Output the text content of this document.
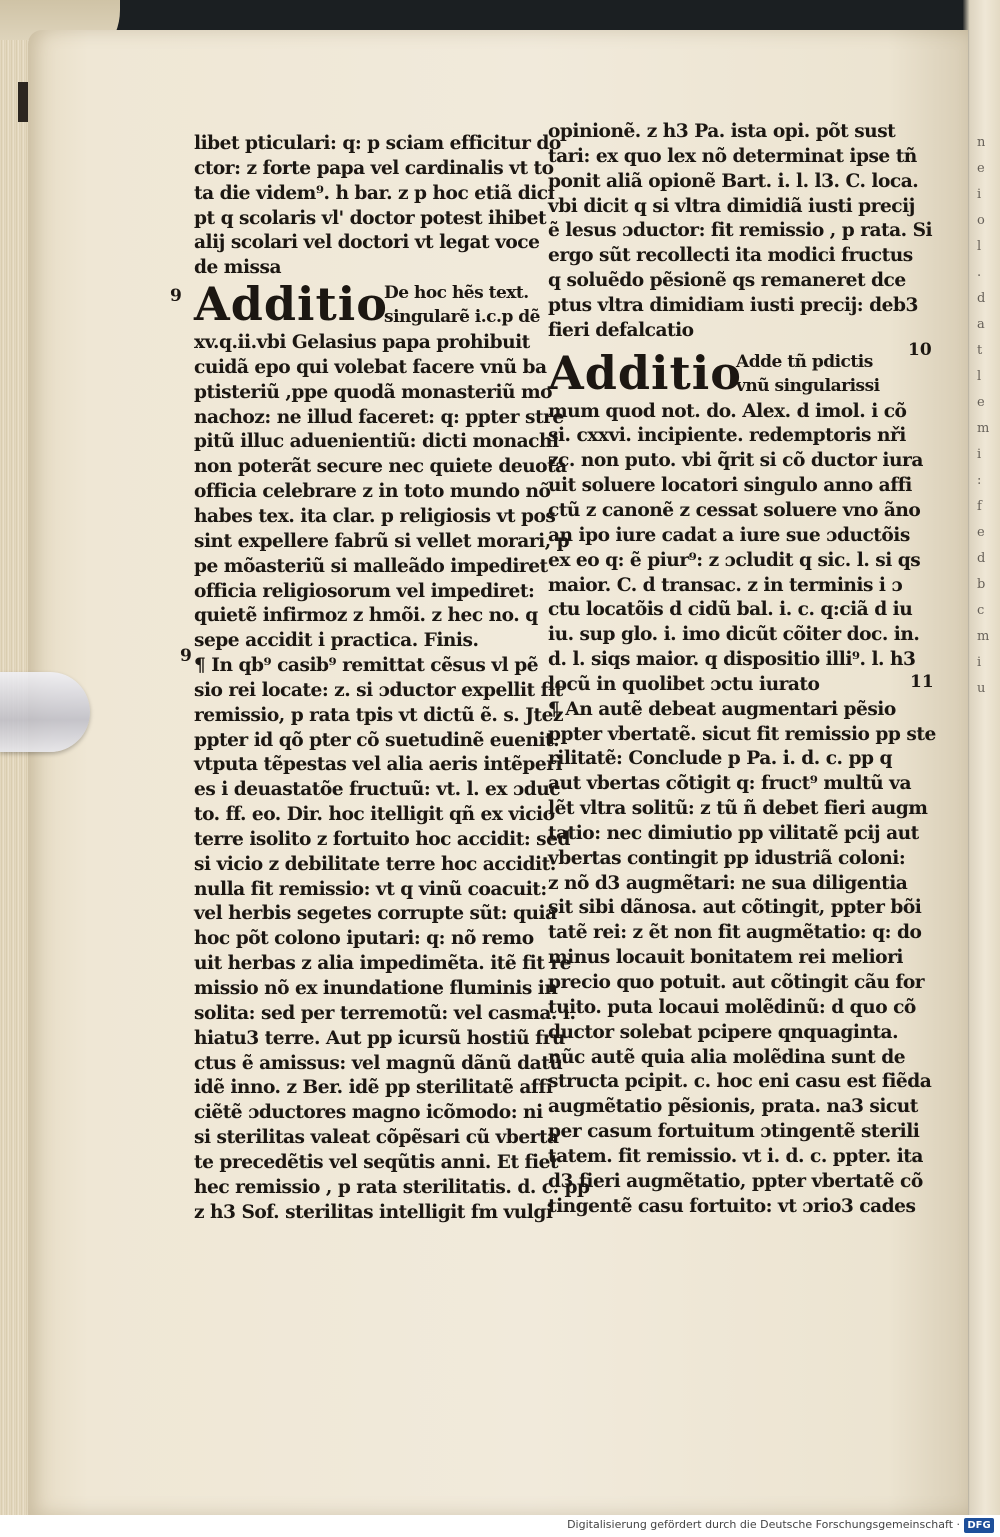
n
e
i
o
l
.
d
a
t
l
e
m
i
:
f
e
d
b
c
m
i
u
libet pticulari: q: p sciam efficitur do
ctor: z forte papa vel cardinalis vt to
ta die videm⁹. h bar. z p hoc etiã dici
pt q scolaris vl' doctor potest ihibet
alij scolari vel doctori vt legat voce
de missa
Additio
De hoc hẽs text.
singularẽ i.c.p dẽ
xv.q.ii.vbi Gelasius papa prohibuit
cuidã epo qui volebat facere vnũ ba
ptisteriũ ,ppe quodã monasteriũ mo
nachoz: ne illud faceret: q: ppter stre
pitũ illuc aduenientiũ: dicti monachi
non poterãt secure nec quiete deuota
officia celebrare z in toto mundo nõ
habes tex. ita clar. p religiosis vt pos
sint expellere fabrũ si vellet morari, p
pe mõasteriũ si malleãdo impediret
officia religiosorum vel impediret:
quietẽ infirmoz z hmõi. z hec no. q
sepe accidit i practica. Finis.
¶ In qb⁹ casib⁹ remittat cẽsus vl pẽ
sio rei locate: z. si ɔductor expellit fit
remissio, p rata tpis vt dictũ ẽ. s. Jtez
ppter id qõ pter cõ suetudinẽ euenit.
vtputa tẽpestas vel alia aeris intẽperi
es i deuastatõe fructuũ: vt. l. ex ɔduc
to. ff. eo. Dir. hoc itelligit qñ ex vicio
terre isolito z fortuito hoc accidit: sed
si vicio z debilitate terre hoc accidit:
nulla fit remissio: vt q vinũ coacuit:
vel herbis segetes corrupte sũt: quia
hoc põt colono iputari: q: nõ remo
uit herbas z alia impedimẽta. itẽ fit re
missio nõ ex inundatione fluminis in
solita: sed per terremotũ: vel casma. i.
hiatu3 terre. Aut pp icursũ hostiũ fru
ctus ẽ amissus: vel magnũ dãnũ datũ
idẽ inno. z Ber. idẽ pp sterilitatẽ affi
ciẽtẽ ɔductores magno icõmodo: ni
si sterilitas valeat cõpẽsari cũ vberta
te precedẽtis vel seqũtis anni. Et fiet
hec remissio , p rata sterilitatis. d. c. pp
z h3 Sof. sterilitas intelligit fm vulgi
9
9
opinionẽ. z h3 Pa. ista opi. põt sust
tari: ex quo lex nõ determinat ipse tñ
ponit aliã opionẽ Bart. i. l. l3. C. loca.
vbi dicit q si vltra dimidiã iusti precij
ẽ lesus ɔductor: fit remissio , p rata. Si
ergo sũt recollecti ita modici fructus
q soluẽdo pẽsionẽ qs remaneret dce
ptus vltra dimidiam iusti precij: deb3
fieri defalcatio
Additio
Adde tñ pdictis
vnũ singularissi
mum quod not. do. Alex. d imol. i cõ
si. cxxvi. incipiente. redemptoris nři
zc. non puto. vbi q̃rit si cõ ductor iura
uit soluere locatori singulo anno affi
ctũ z canonẽ z cessat soluere vno ãno
an ipo iure cadat a iure sue ɔductõis
ex eo q: ẽ piur⁹: z ɔcludit q sic. l. si qs
maior. C. d transac. z in terminis i ɔ
ctu locatõis d cidũ bal. i. c. q:ciã d iu
iu. sup glo. i. imo dicũt cõiter doc. in.
d. l. siqs maior. q dispositio illi⁹. l. h3
locũ in quolibet ɔctu iurato
¶ An autẽ debeat augmentari pẽsio
ppter vbertatẽ. sicut fit remissio pp ste
rilitatẽ: Conclude p Pa. i. d. c. pp q
aut vbertas cõtigit q: fruct⁹ multũ va
lẽt vltra solitũ: z tũ ñ debet fieri augm
tatio: nec dimiutio pp vilitatẽ pcij aut
vbertas contingit pp idustriã coloni:
z nõ d3 augmẽtari: ne sua diligentia
sit sibi dãnosa. aut cõtingit, ppter bõi
tatẽ rei: z ẽt non fit augmẽtatio: q: do
minus locauit bonitatem rei meliori
precio quo potuit. aut cõtingit cãu for
tuito. puta locaui molẽdinũ: d quo cõ
ductor solebat pcipere qnquaginta.
nũc autẽ quia alia molẽdina sunt de
structa pcipit. c. hoc eni casu est fiẽda
augmẽtatio pẽsionis, prata. na3 sicut
per casum fortuitum ɔtingentẽ sterili
tatem. fit remissio. vt i. d. c. ppter. ita
d3 fieri augmẽtatio, ppter vbertatẽ cõ
tingentẽ casu fortuito: vt ɔrio3 cades
10
11
Digitalisierung gefördert durch die Deutsche Forschungsgemeinschaft · DFG
